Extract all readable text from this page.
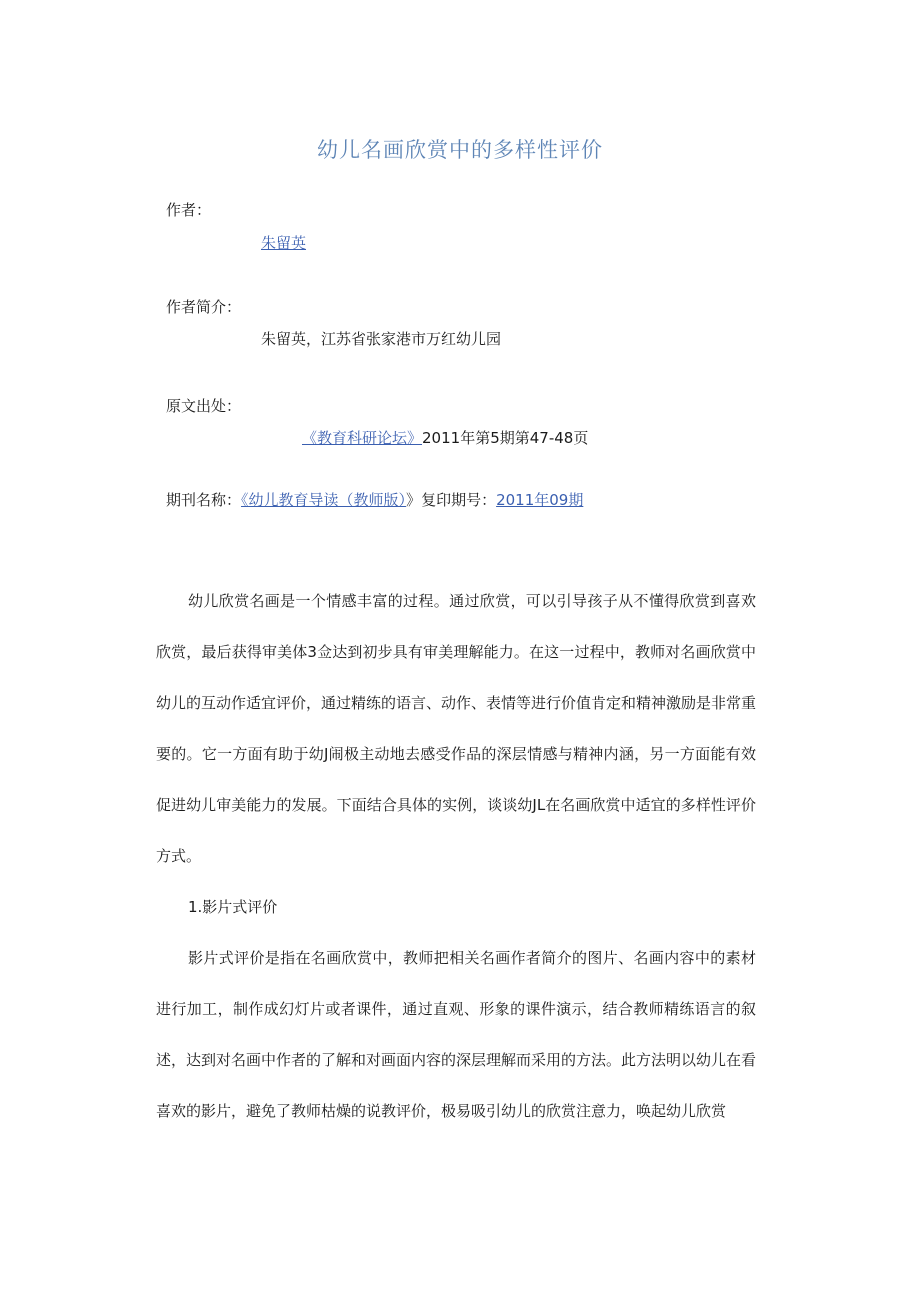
幼儿名画欣赏中的多样性评价
作者：
朱留英
作者简介：
朱留英，江苏省张家港市万红幼儿园
原文出处：
《教育科研论坛》2011年第5期第47-48页
期刊名称：《幼儿教育导读（教师版）》复印期号：2011年09期

幼儿欣赏名画是一个情感丰富的过程。通过欣赏，可以引导孩子从不懂得欣赏到喜欢欣赏，最后获得审美体3佥达到初步具有审美理解能力。在这一过程中，教师对名画欣赏中幼儿的互动作适宜评价，通过精练的语言、动作、表情等进行价值肯定和精神激励是非常重要的。它一方面有助于幼J闹极主动地去感受作品的深层情感与精神内涵，另一方面能有效促进幼儿审美能力的发展。下面结合具体的实例，谈谈幼JL在名画欣赏中适宜的多样性评价方式。

1.影片式评价

影片式评价是指在名画欣赏中，教师把相关名画作者简介的图片、名画内容中的素材进行加工，制作成幻灯片或者课件，通过直观、形象的课件演示，结合教师精练语言的叙述，达到对名画中作者的了解和对画面内容的深层理解而采用的方法。此方法明以幼儿在看喜欢的影片，避免了教师枯燥的说教评价，极易吸引幼儿的欣赏注意力，唤起幼儿欣赏
